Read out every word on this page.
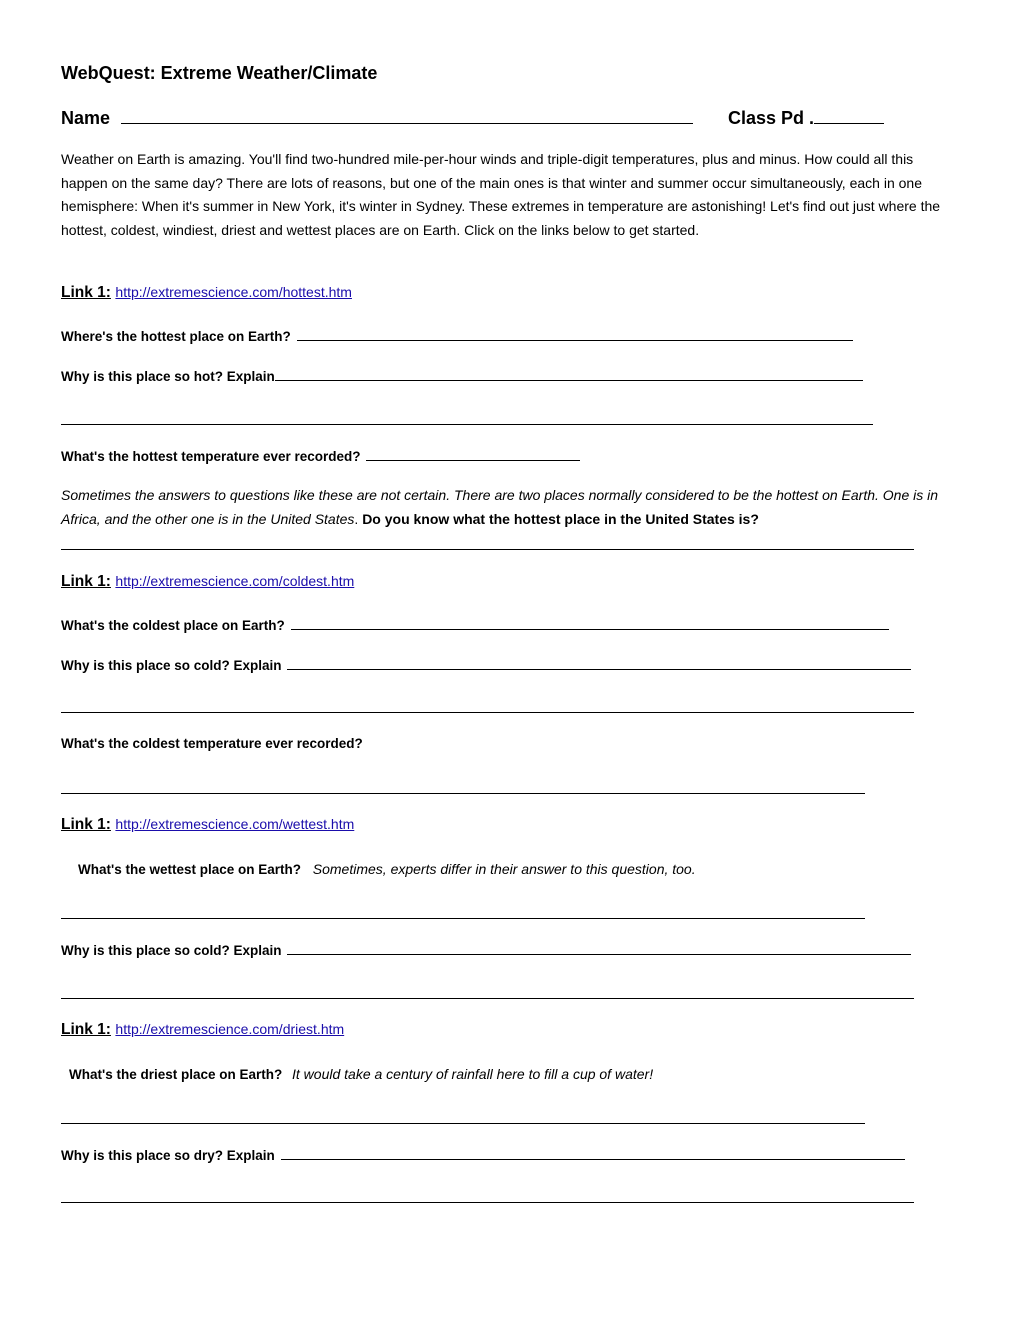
WebQuest: Extreme Weather/Climate
Name	Class Pd .
Weather on Earth is amazing. You'll find two-hundred mile-per-hour winds and triple-digit temperatures, plus and minus. How could all this happen on the same day? There are lots of reasons, but one of the main ones is that winter and summer occur simultaneously, each in one hemisphere: When it's summer in New York, it's winter in Sydney. These extremes in temperature are astonishing! Let's find out just where the hottest, coldest, windiest, driest and wettest places are on Earth. Click on the links below to get started.
Link 1: http://extremescience.com/hottest.htm
Where's the hottest place on Earth?
Why is this place so hot? Explain
What's the hottest temperature ever recorded?
Sometimes the answers to questions like these are not certain. There are two places normally considered to be the hottest on Earth. One is in Africa, and the other one is in the United States. Do you know what the hottest place in the United States is?
Link 1: http://extremescience.com/coldest.htm
What's the coldest place on Earth?
Why is this place so cold? Explain
What's the coldest temperature ever recorded?
Link 1: http://extremescience.com/wettest.htm
What's the wettest place on Earth? Sometimes, experts differ in their answer to this question, too.
Why is this place so cold? Explain
Link 1: http://extremescience.com/driest.htm
What's the driest place on Earth? It would take a century of rainfall here to fill a cup of water!
Why is this place so dry? Explain
